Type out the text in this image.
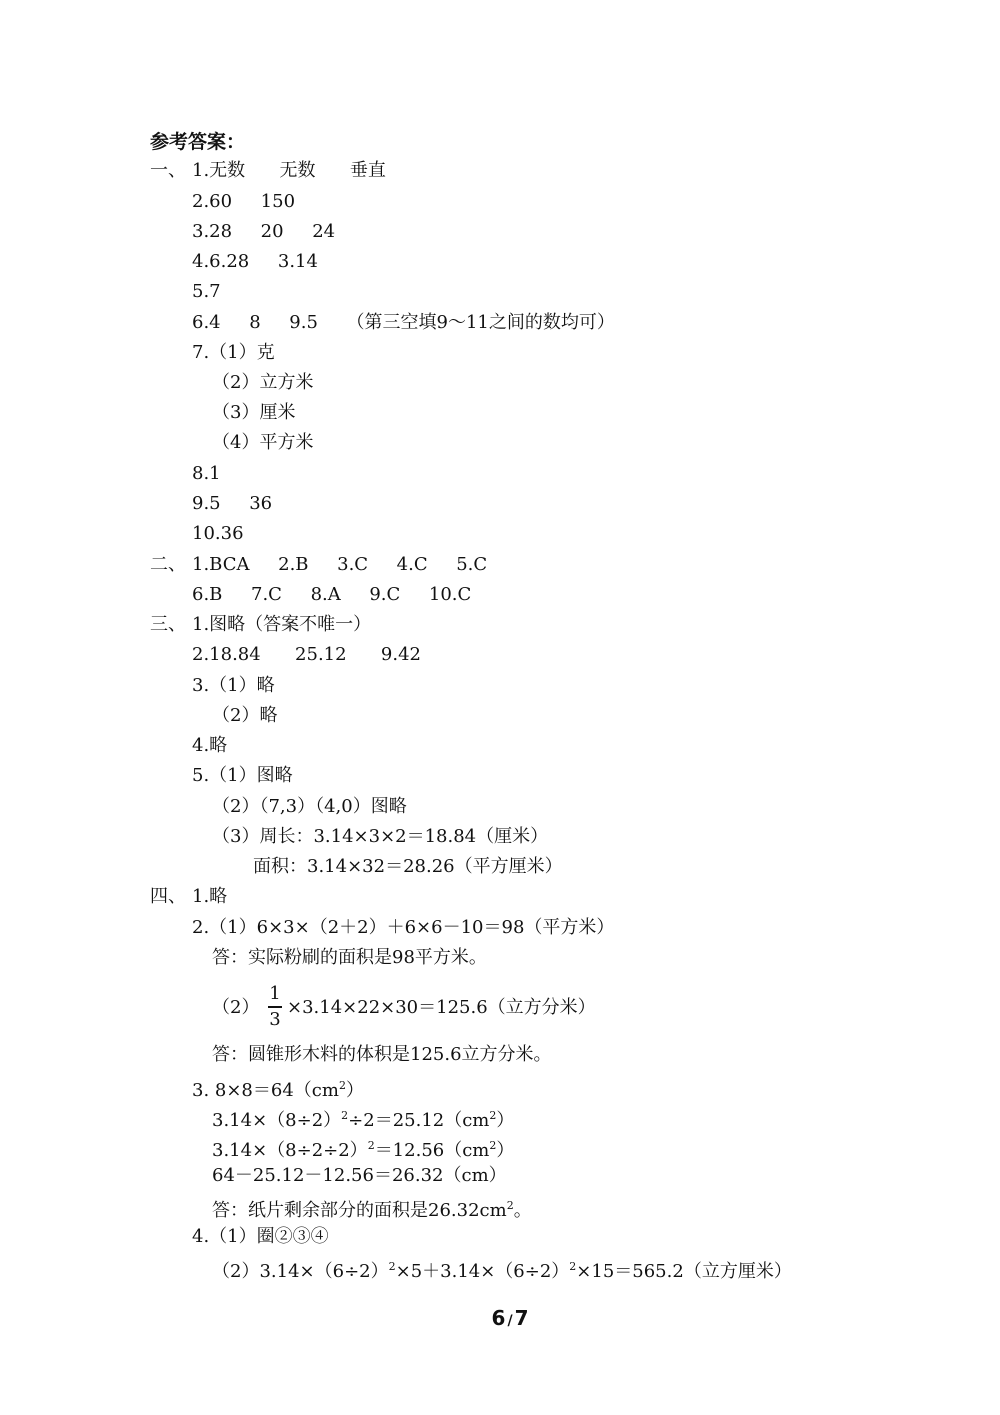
参考答案：
一、 1.无数      无数      垂直
2.60     150
3.28     20     24
4.6.28     3.14
5.7
6.4     8     9.5     （第三空填9～11之间的数均可）
7.（1）克
（2）立方米
（3）厘米
（4）平方米
8.1
9.5     36
10.36
二、 1.BCA     2.B     3.C     4.C     5.C
6.B     7.C     8.A     9.C     10.C
三、 1.图略（答案不唯一）
2.18.84      25.12      9.42
3.（1）略
（2）略
4.略
5.（1）图略
（2）（7,3）（4,0）图略
（3）周长：3.14×3×2＝18.84（厘米）
面积：3.14×32＝28.26（平方厘米）
四、 1.略
2.（1）6×3×（2＋2）＋6×6－10＝98（平方米）
答：实际粉刷的面积是98平方米。
（2）
1
3
×3.14×22×30＝125.6（立方分米）
答：圆锥形木料的体积是125.6立方分米。
3. $8\times 8=64(cm^2)$
$3.14\times(8\div 2)^2\div 2=25.12(cm^2)$
$3.14\times(8\div 2\div 2)^2=12.56(cm^2)$
64－25.12－12.56＝26.32（cm）
答：纸片剩余部分的面积是$26.32cm^2$。
4.（1）圈②③④
$(2)3.14\times(6\div 2)^2\times 5+3.14\times(6\div 2)^2\times 15=565.2$（立方厘米）
6 / 7
